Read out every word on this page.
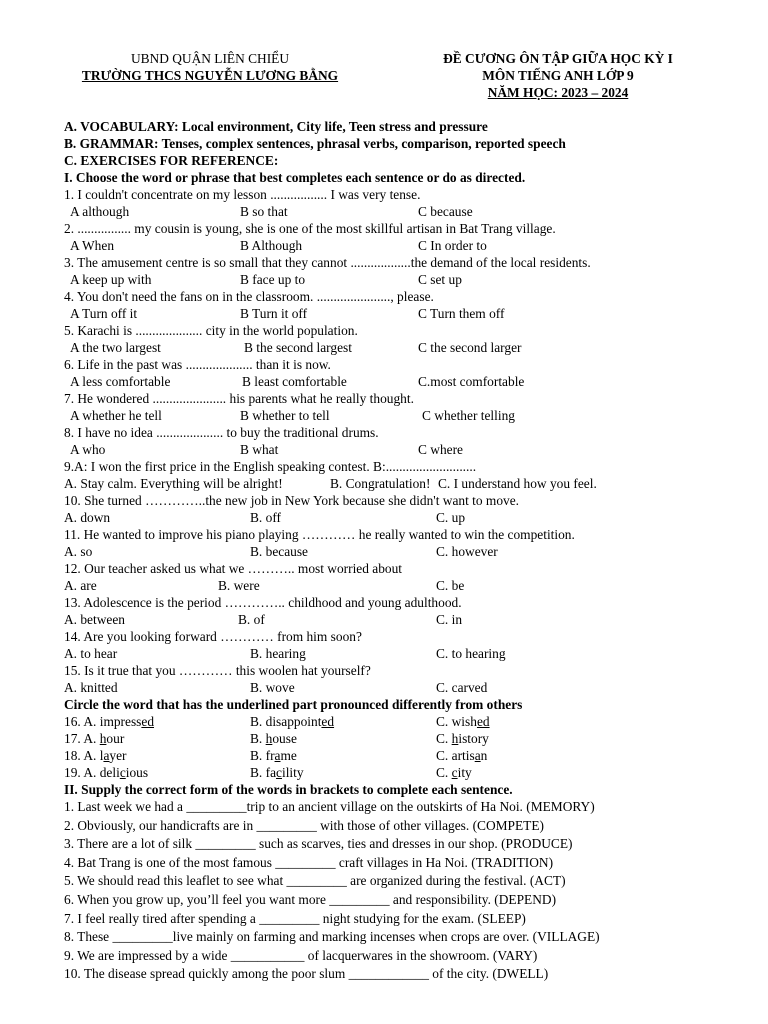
UBND QUẬN LIÊN CHIỂU
TRƯỜNG THCS NGUYỄN LƯƠNG BẰNG
ĐỀ CƯƠNG ÔN TẬP GIỮA HỌC KỲ I
MÔN TIẾNG ANH LỚP 9
NĂM HỌC: 2023 – 2024
A. VOCABULARY: Local environment, City life, Teen stress and pressure
B. GRAMMAR: Tenses, complex sentences, phrasal verbs, comparison, reported speech
C. EXERCISES FOR REFERENCE:
I. Choose the word or phrase that best completes each sentence or do as directed.
1. I couldn't concentrate on my lesson ................. I was very tense.
A although	B so that	C because
2. ................ my cousin is young, she is one of the most skillful artisan in Bat Trang village.
A When	B Although	C In order to
3. The amusement centre is so small that they cannot ..................the demand of the local residents.
A keep up with	B face up to	C set up
4. You don't need the fans on in the classroom. ......................, please.
A Turn off it	B Turn it off	C Turn them off
5. Karachi is .................... city in the world population.
A the two largest	B the second largest	C the second larger
6. Life in the past was .................... than it is now.
A less comfortable	B least comfortable	C.most comfortable
7. He wondered ...................... his parents what he really thought.
A whether he tell	B whether to tell	C whether telling
8. I have no idea .................... to buy the traditional drums.
A who	B what	C where
9.A: I won the first price in the English speaking contest. B:...........................
A. Stay calm. Everything will be alright!	B. Congratulation! C. I understand how you feel.
10. She turned …………..the new job in New York because she didn't want to move.
A. down	B. off	C. up
11. He wanted to improve his piano playing ………… he really wanted to win the competition.
A. so	B. because	C. however
12. Our teacher asked us what we ……….. most worried about
A. are	B. were	C. be
13. Adolescence is the period ………….. childhood and young adulthood.
A. between	B. of	C. in
14. Are you looking forward ………… from him soon?
A. to hear	B. hearing	C. to hearing
15. Is it true that you ………… this woolen hat yourself?
A. knitted	B. wove	C. carved
Circle the word that has the underlined part pronounced differently from others
16. A. impressed	B. disappointed	C. wished
17. A. hour	B. house	C. history
18. A. layer	B. frame	C. artisan
19. A. delicious	B. facility	C. city
II. Supply the correct form of the words in brackets to complete each sentence.
1. Last week we had a _________trip to an ancient village on the outskirts of Ha Noi. (MEMORY)
2. Obviously, our handicrafts are in _________ with those of other villages. (COMPETE)
3. There are a lot of silk _________ such as scarves, ties and dresses in our shop. (PRODUCE)
4. Bat Trang is one of the most famous _________ craft villages in Ha Noi. (TRADITION)
5. We should read this leaflet to see what _________ are organized during the festival. (ACT)
6. When you grow up, you’ll feel you want more _________ and responsibility. (DEPEND)
7. I feel really tired after spending a _________ night studying for the exam. (SLEEP)
8. These _________live mainly on farming and marking incenses when crops are over. (VILLAGE)
9. We are impressed by a wide ___________ of lacquerwares in the showroom. (VARY)
10. The disease spread quickly among the poor slum ____________ of the city. (DWELL)
